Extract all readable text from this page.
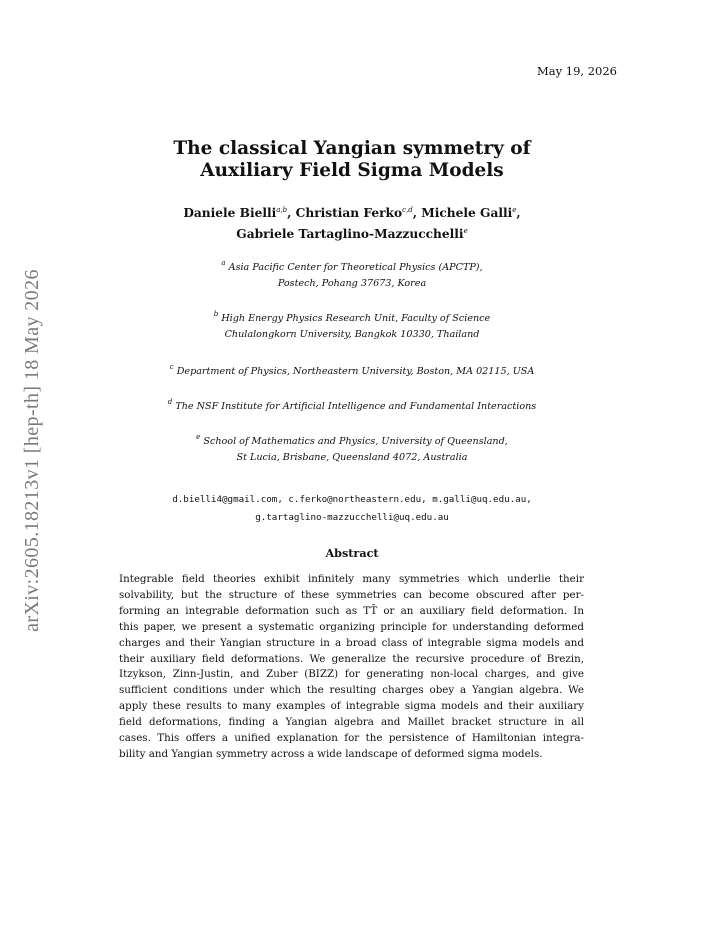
May 19, 2026
arXiv:2605.18213v1 [hep-th] 18 May 2026
The classical Yangian symmetry of
Auxiliary Field Sigma Models
Daniele Bielli$^{a,b}$, Christian Ferko$^{c,d}$, Michele Galli$^e$,
Gabriele Tartaglino-Mazzucchelli$^e$
$^a$ Asia Pacific Center for Theoretical Physics (APCTP),
Postech, Pohang 37673, Korea
$^b$ High Energy Physics Research Unit, Faculty of Science
Chulalongkorn University, Bangkok 10330, Thailand
$^c$ Department of Physics, Northeastern University, Boston, MA 02115, USA
$^d$ The NSF Institute for Artificial Intelligence and Fundamental Interactions
$^e$ School of Mathematics and Physics, University of Queensland,
St Lucia, Brisbane, Queensland 4072, Australia
d.bielli4@gmail.com, c.ferko@northeastern.edu, m.galli@uq.edu.au,
g.tartaglino-mazzucchelli@uq.edu.au
Abstract
Integrable field theories exhibit infinitely many symmetries which underlie their
solvability, but the structure of these symmetries can become obscured after per-
forming an integrable deformation such as TT̄ or an auxiliary field deformation. In
this paper, we present a systematic organizing principle for understanding deformed
charges and their Yangian structure in a broad class of integrable sigma models and
their auxiliary field deformations. We generalize the recursive procedure of Brezin,
Itzykson, Zinn-Justin, and Zuber (BIZZ) for generating non-local charges, and give
sufficient conditions under which the resulting charges obey a Yangian algebra. We
apply these results to many examples of integrable sigma models and their auxiliary
field deformations, finding a Yangian algebra and Maillet bracket structure in all
cases. This offers a unified explanation for the persistence of Hamiltonian integra-
bility and Yangian symmetry across a wide landscape of deformed sigma models.
